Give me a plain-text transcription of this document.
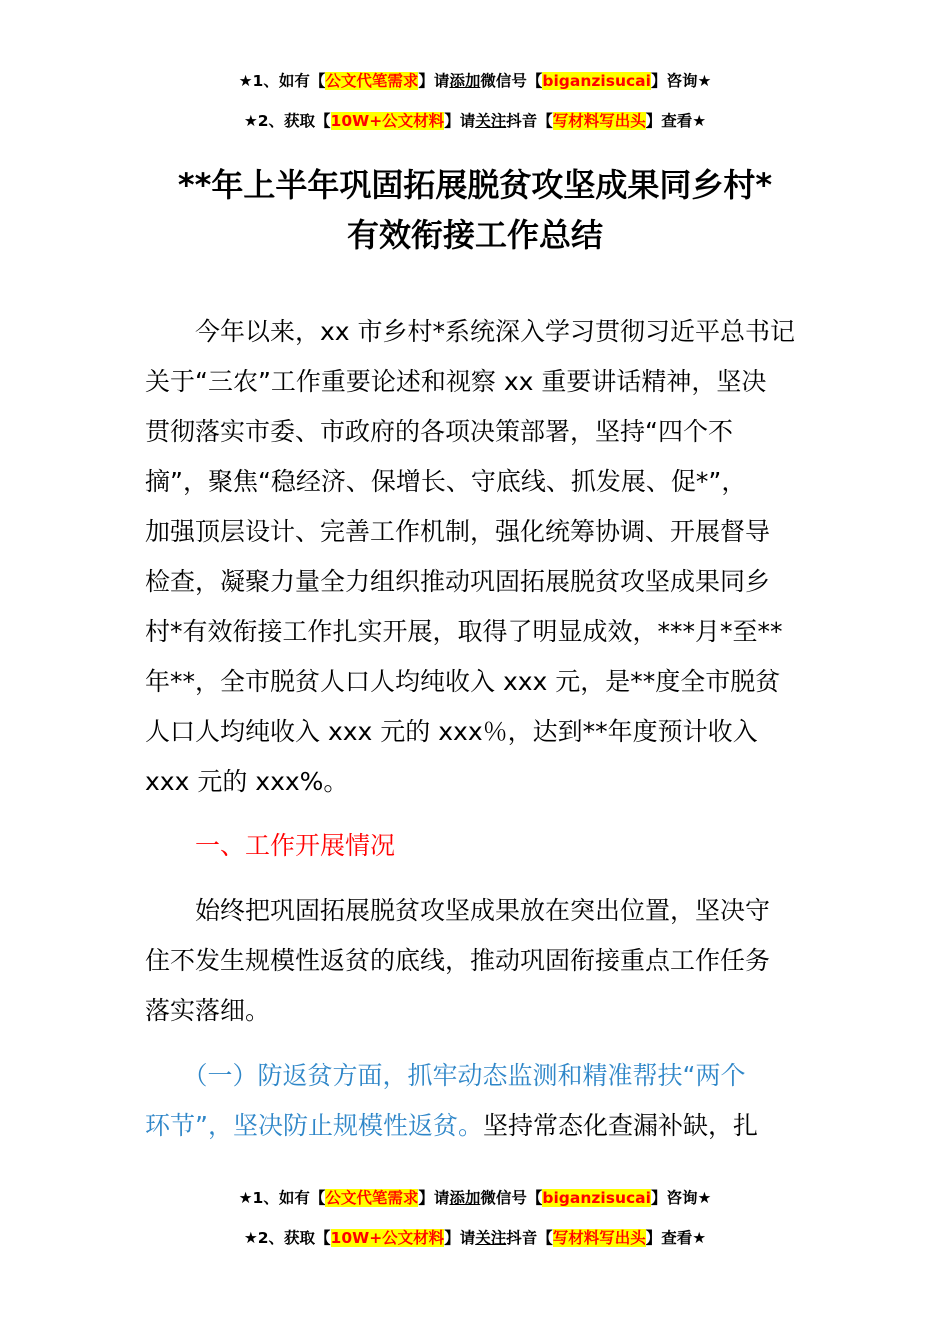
★1、如有【公文代笔需求】请添加微信号【biganzisucai】咨询★
★2、获取【10W+公文材料】请关注抖音【写材料写出头】查看★
**年上半年巩固拓展脱贫攻坚成果同乡村*
有效衔接工作总结
　　今年以来，xx 市乡村*系统深入学习贯彻习近平总书记
关于“三农”工作重要论述和视察 xx 重要讲话精神，坚决
贯彻落实市委、市政府的各项决策部署，坚持“四个不
摘”，聚焦“稳经济、保增长、守底线、抓发展、促*”，
加强顶层设计、完善工作机制，强化统筹协调、开展督导
检查，凝聚力量全力组织推动巩固拓展脱贫攻坚成果同乡
村*有效衔接工作扎实开展，取得了明显成效，***月*至**
年**，全市脱贫人口人均纯收入 xxx 元，是**度全市脱贫
人口人均纯收入 xxx 元的 xxx％，达到**年度预计收入
xxx 元的 xxx%。
　　一、工作开展情况
　　始终把巩固拓展脱贫攻坚成果放在突出位置，坚决守
住不发生规模性返贫的底线，推动巩固衔接重点工作任务
落实落细。
　　（一）防返贫方面，抓牢动态监测和精准帮扶“两个
环节”，坚决防止规模性返贫。坚持常态化查漏补缺，扎
★1、如有【公文代笔需求】请添加微信号【biganzisucai】咨询★
★2、获取【10W+公文材料】请关注抖音【写材料写出头】查看★
